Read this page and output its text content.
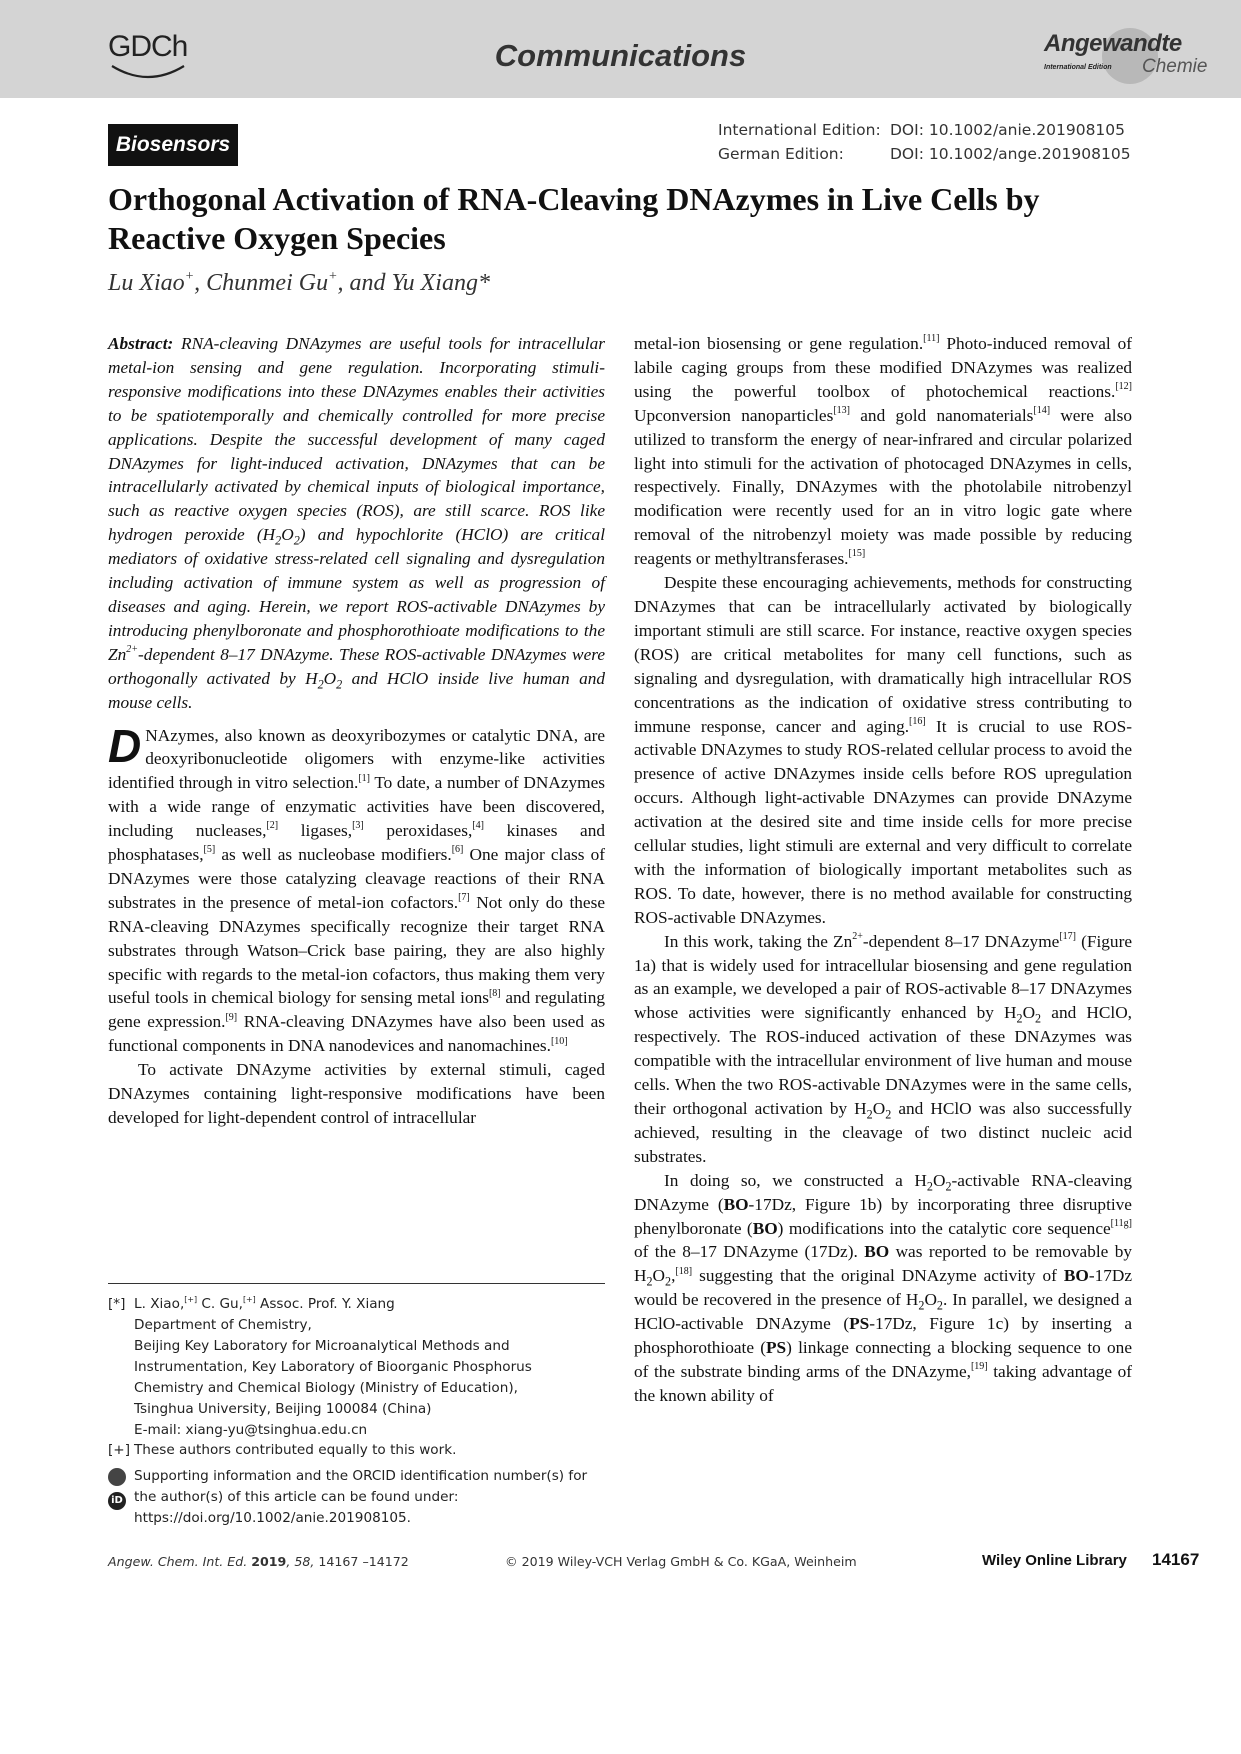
GDCh	Communications	Angewandte
International Edition Chemie
Biosensors
International Edition: DOI: 10.1002/anie.201908105
German Edition:	DOI: 10.1002/ange.201908105
Orthogonal Activation of RNA-Cleaving DNAzymes in Live Cells by Reactive Oxygen Species
Lu Xiao+, Chunmei Gu+, and Yu Xiang*

Abstract: RNA-cleaving DNAzymes are useful tools for intracellular metal-ion sensing and gene regulation. Incorporating stimuli-responsive modifications into these DNAzymes enables their activities to be spatiotemporally and chemically controlled for more precise applications. Despite the successful development of many caged DNAzymes for light-induced activation, DNAzymes that can be intracellularly activated by chemical inputs of biological importance, such as reactive oxygen species (ROS), are still scarce. ROS like hydrogen peroxide $(H_2O_2)$ and hypochlorite (HClO) are critical mediators of oxidative stress-related cell signaling and dysregulation including activation of immune system as well as progression of diseases and aging. Herein, we report ROS-activable DNAzymes by introducing phenylboronate and phosphorothioate modifications to the $Zn^{2+}$-dependent 8–17 DNAzyme. These ROS-activable DNAzymes were orthogonally activated by $H_2O_2$ and HClO inside live human and mouse cells.

D NAzymes, also known as deoxyribozymes or catalytic DNA, are deoxyribonucleotide oligomers with enzyme-like activities identified through in vitro selection.[1] To date, a number of DNAzymes with a wide range of enzymatic activities have been discovered, including nucleases,[2] ligases,[3] peroxidases,[4] kinases and phosphatases,[5] as well as nucleobase modifiers.[6] One major class of DNAzymes were those catalyzing cleavage reactions of their RNA substrates in the presence of metal-ion cofactors.[7] Not only do these RNA-cleaving DNAzymes specifically recognize their target RNA substrates through Watson–Crick base pairing, they are also highly specific with regards to the metal-ion cofactors, thus making them very useful tools in chemical biology for sensing metal ions[8] and regulating gene expression.[9] RNA-cleaving DNAzymes have also been used as functional components in DNA nanodevices and nanomachines.[10]

To activate DNAzyme activities by external stimuli, caged DNAzymes containing light-responsive modifications have been developed for light-dependent control of intracellular

[*] L. Xiao,[+] C. Gu,[+] Assoc. Prof. Y. Xiang
Department of Chemistry,
Beijing Key Laboratory for Microanalytical Methods and
Instrumentation, Key Laboratory of Bioorganic Phosphorus
Chemistry and Chemical Biology (Ministry of Education),
Tsinghua University, Beijing 100084 (China)
E-mail: xiang-yu@tsinghua.edu.cn
[+] These authors contributed equally to this work.
iD
Supporting information and the ORCID identification number(s) for the author(s) of this article can be found under: https://doi.org/10.1002/anie.201908105.

metal-ion biosensing or gene regulation.[11] Photo-induced removal of labile caging groups from these modified DNAzymes was realized using the powerful toolbox of photochemical reactions.[12] Upconversion nanoparticles[13] and gold nanomaterials[14] were also utilized to transform the energy of near-infrared and circular polarized light into stimuli for the activation of photocaged DNAzymes in cells, respectively. Finally, DNAzymes with the photolabile nitrobenzyl modification were recently used for an in vitro logic gate where removal of the nitrobenzyl moiety was made possible by reducing reagents or methyltransferases.[15]

Despite these encouraging achievements, methods for constructing DNAzymes that can be intracellularly activated by biologically important stimuli are still scarce. For instance, reactive oxygen species (ROS) are critical metabolites for many cell functions, such as signaling and dysregulation, with dramatically high intracellular ROS concentrations as the indication of oxidative stress contributing to immune response, cancer and aging.[16] It is crucial to use ROS-activable DNAzymes to study ROS-related cellular process to avoid the presence of active DNAzymes inside cells before ROS upregulation occurs. Although light-activable DNAzymes can provide DNAzyme activation at the desired site and time inside cells for more precise cellular studies, light stimuli are external and very difficult to correlate with the information of biologically important metabolites such as ROS. To date, however, there is no method available for constructing ROS-activable DNAzymes.

In this work, taking the $Zn^{2+}$-dependent 8–17 DNAzyme[17] (Figure 1a) that is widely used for intracellular biosensing and gene regulation as an example, we developed a pair of ROS-activable 8–17 DNAzymes whose activities were significantly enhanced by $H_2O_2$ and HClO, respectively. The ROS-induced activation of these DNAzymes was compatible with the intracellular environment of live human and mouse cells. When the two ROS-activable DNAzymes were in the same cells, their orthogonal activation by $H_2O_2$ and HClO was also successfully achieved, resulting in the cleavage of two distinct nucleic acid substrates.

In doing so, we constructed a $H_2O_2$-activable RNA-cleaving DNAzyme (BO-17Dz, Figure 1b) by incorporating three disruptive phenylboronate (BO) modifications into the catalytic core sequence[11g] of the 8–17 DNAzyme (17Dz). BO was reported to be removable by $H_2O_2,[18]$ suggesting that the original DNAzyme activity of BO-17Dz would be recovered in the presence of $H_2O_2$. In parallel, we designed a HClO-activable DNAzyme (PS-17Dz, Figure 1c) by inserting a phosphorothioate (PS) linkage connecting a blocking sequence to one of the substrate binding arms of the DNAzyme,[19] taking advantage of the known ability of

Angew. Chem. Int. Ed. 2019, 58, 14167 –14172	© 2019 Wiley-VCH Verlag GmbH & Co. KGaA, Weinheim	Wiley Online Library 14167
